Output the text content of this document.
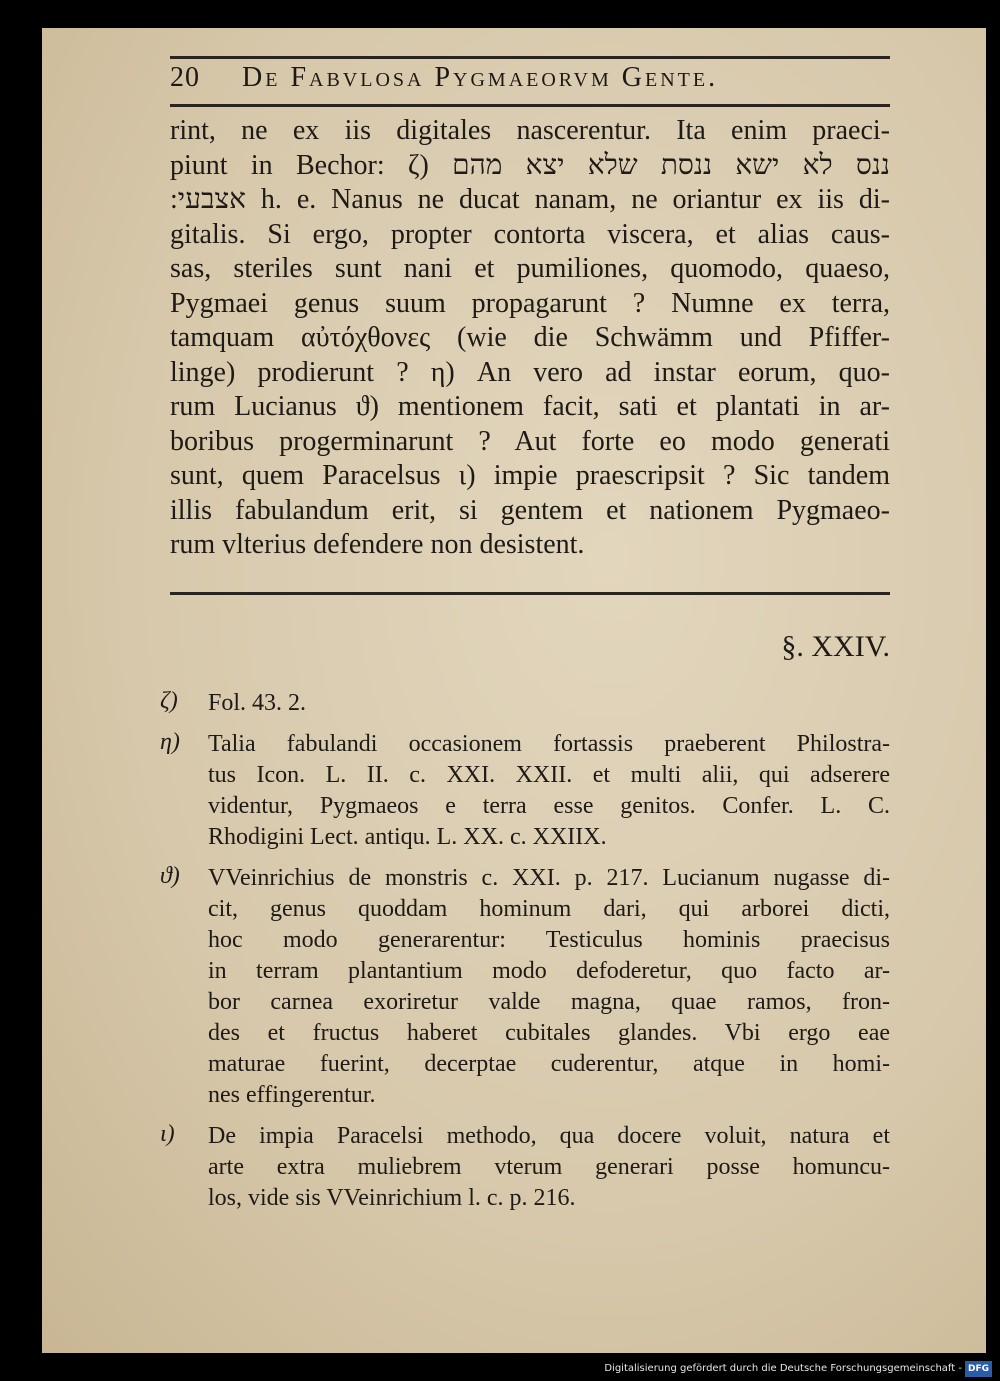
20 De Fabvlosa Pygmaeorvm Gente.
rint, ne ex iis digitales nascerentur. Ita enim praeci-
piunt in Bechor: ζ) ננס לא ישא ננסת שלא יצא מהם
:אצבעי h. e. Nanus ne ducat nanam, ne oriantur ex iis di-
gitalis. Si ergo, propter contorta viscera, et alias caus-
sas, steriles sunt nani et pumiliones, quomodo, quaeso,
Pygmaei genus suum propagarunt ? Numne ex terra,
tamquam αὐτόχθονες (wie die Schwämm und Pfiffer-
linge) prodierunt ? η) An vero ad instar eorum, quo-
rum Lucianus ϑ) mentionem facit, sati et plantati in ar-
boribus progerminarunt ? Aut forte eo modo generati
sunt, quem Paracelsus ι) impie praescripsit ? Sic tandem
illis fabulandum erit, si gentem et nationem Pygmaeo-
rum vlterius defendere non desistent.
§. XXIV.
ζ) Fol. 43. 2.
η) Talia fabulandi occasionem fortassis praeberent Philostra-
tus Icon. L. II. c. XXI. XXII. et multi alii, qui adserere
videntur, Pygmaeos e terra esse genitos. Confer. L. C.
Rhodigini Lect. antiqu. L. XX. c. XXIIX.
ϑ) VVeinrichius de monstris c. XXI. p. 217. Lucianum nugasse di-
cit, genus quoddam hominum dari, qui arborei dicti,
hoc modo generarentur: Testiculus hominis praecisus
in terram plantantium modo defoderetur, quo facto ar-
bor carnea exoriretur valde magna, quae ramos, fron-
des et fructus haberet cubitales glandes. Vbi ergo eae
maturae fuerint, decerptae cuderentur, atque in homi-
nes effingerentur.
ι) De impia Paracelsi methodo, qua docere voluit, natura et
arte extra muliebrem vterum generari posse homuncu-
los, vide sis VVeinrichium l. c. p. 216.
Digitalisierung gefördert durch die Deutsche Forschungsgemeinschaft - DFG
